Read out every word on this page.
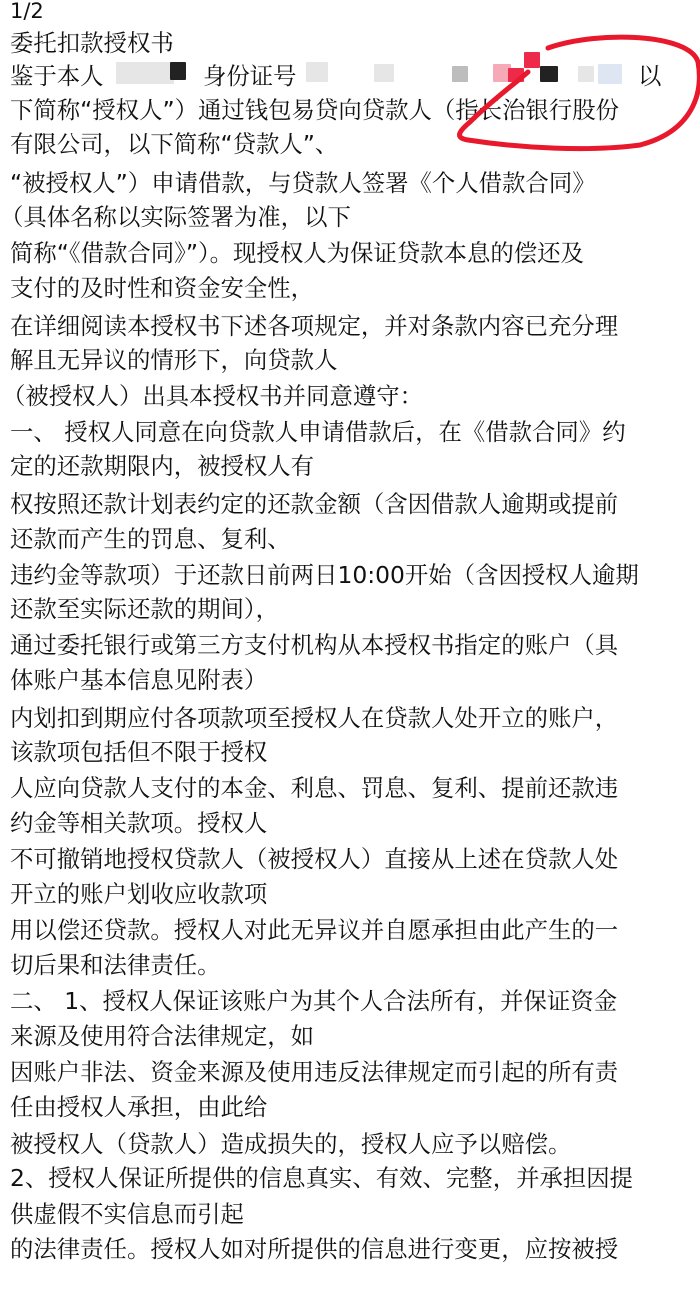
1/2
委托扣款授权书
鉴于本人	身份证号	以
下简称“授权人”）通过钱包易贷向贷款人（指长治银行股份
有限公司，以下简称“贷款人”、
“被授权人”）申请借款，与贷款人签署《个人借款合同》
（具体名称以实际签署为准，以下
简称“《借款合同》”）。现授权人为保证贷款本息的偿还及
支付的及时性和资金安全性，
在详细阅读本授权书下述各项规定，并对条款内容已充分理
解且无异议的情形下，向贷款人
（被授权人）出具本授权书并同意遵守：
一、 授权人同意在向贷款人申请借款后，在《借款合同》约
定的还款期限内，被授权人有
权按照还款计划表约定的还款金额（含因借款人逾期或提前
还款而产生的罚息、复利、
违约金等款项）于还款日前两日10:00开始（含因授权人逾期
还款至实际还款的期间），
通过委托银行或第三方支付机构从本授权书指定的账户（具
体账户基本信息见附表）
内划扣到期应付各项款项至授权人在贷款人处开立的账户，
该款项包括但不限于授权
人应向贷款人支付的本金、利息、罚息、复利、提前还款违
约金等相关款项。授权人
不可撤销地授权贷款人（被授权人）直接从上述在贷款人处
开立的账户划收应收款项
用以偿还贷款。授权人对此无异议并自愿承担由此产生的一
切后果和法律责任。
二、 1、授权人保证该账户为其个人合法所有，并保证资金
来源及使用符合法律规定，如
因账户非法、资金来源及使用违反法律规定而引起的所有责
任由授权人承担，由此给
被授权人（贷款人）造成损失的，授权人应予以赔偿。
2、授权人保证所提供的信息真实、有效、完整，并承担因提
供虚假不实信息而引起
的法律责任。授权人如对所提供的信息进行变更，应按被授
